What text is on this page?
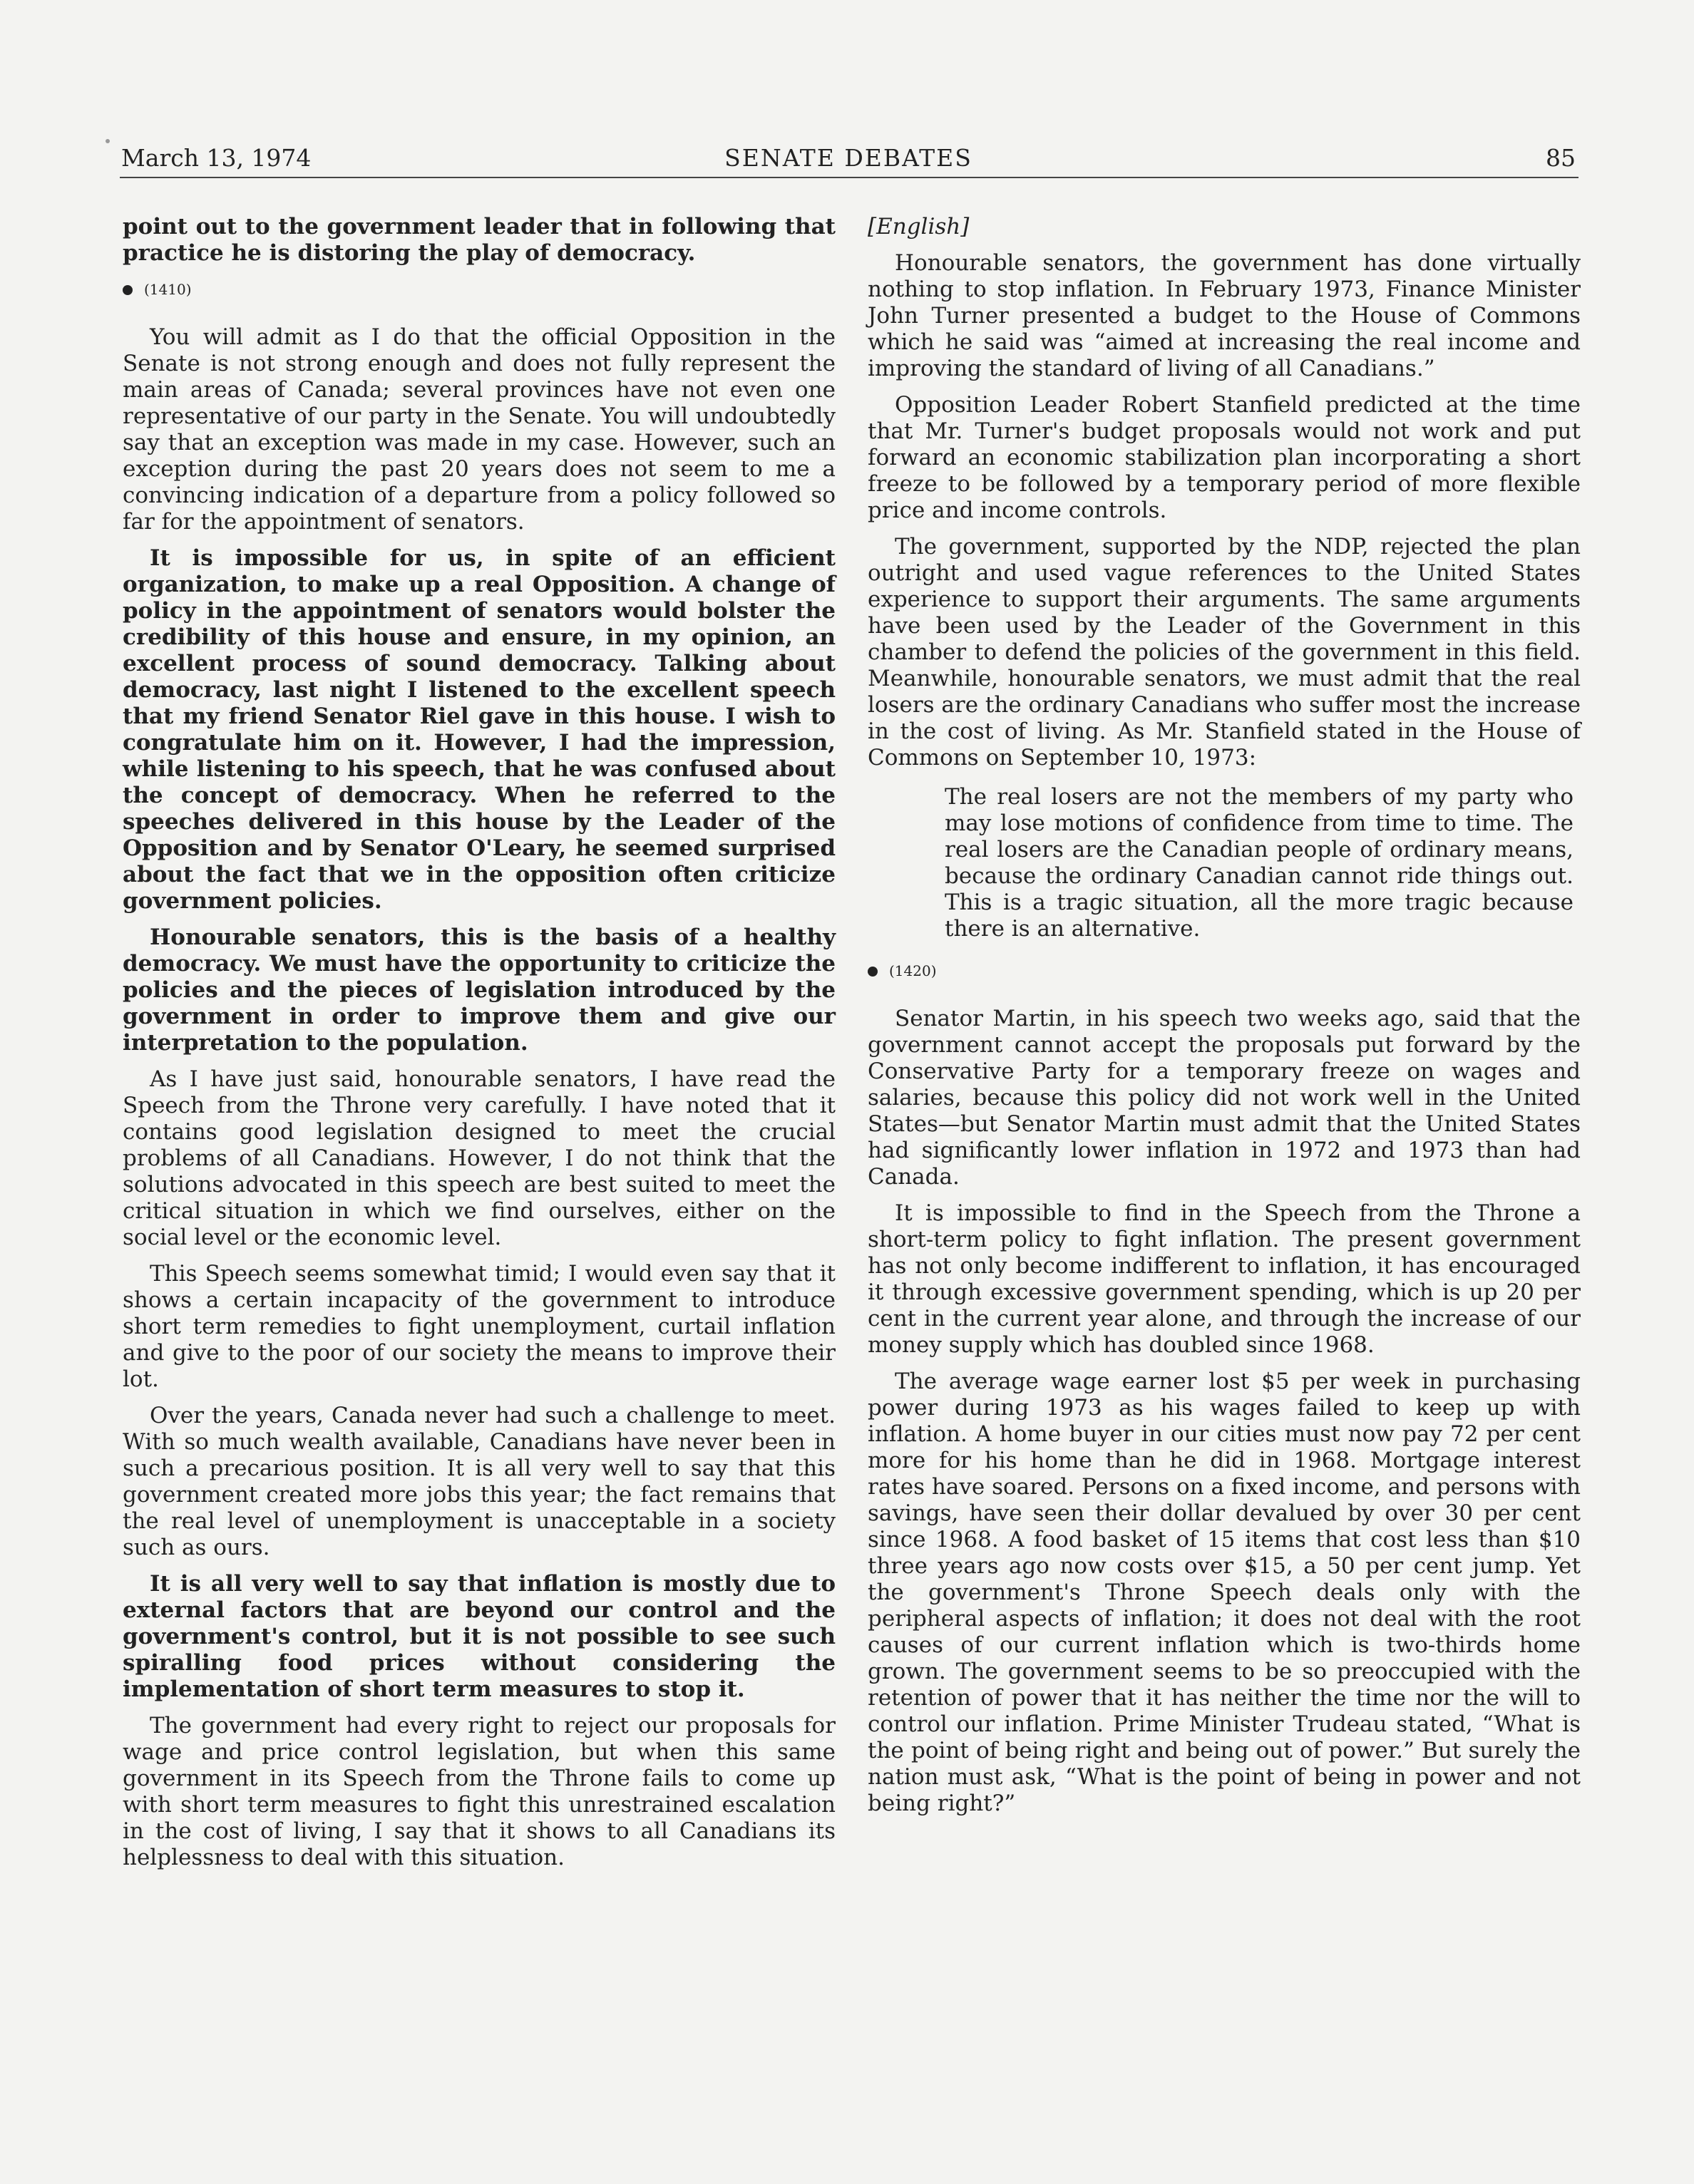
March 13, 1974	SENATE DEBATES	85

point out to the government leader that in following that practice he is distoring the play of democracy.

(1410)

You will admit as I do that the official Opposition in the Senate is not strong enough and does not fully represent the main areas of Canada; several provinces have not even one representative of our party in the Senate. You will undoubtedly say that an exception was made in my case. However, such an exception during the past 20 years does not seem to me a convincing indication of a departure from a policy followed so far for the appointment of senators.

It is impossible for us, in spite of an efficient organization, to make up a real Opposition. A change of policy in the appointment of senators would bolster the credibility of this house and ensure, in my opinion, an excellent process of sound democracy. Talking about democracy, last night I listened to the excellent speech that my friend Senator Riel gave in this house. I wish to congratulate him on it. However, I had the impression, while listening to his speech, that he was confused about the concept of democracy. When he referred to the speeches delivered in this house by the Leader of the Opposition and by Senator O'Leary, he seemed surprised about the fact that we in the opposition often criticize government policies.

Honourable senators, this is the basis of a healthy democracy. We must have the opportunity to criticize the policies and the pieces of legislation introduced by the government in order to improve them and give our interpretation to the population.

As I have just said, honourable senators, I have read the Speech from the Throne very carefully. I have noted that it contains good legislation designed to meet the crucial problems of all Canadians. However, I do not think that the solutions advocated in this speech are best suited to meet the critical situation in which we find ourselves, either on the social level or the economic level.

This Speech seems somewhat timid; I would even say that it shows a certain incapacity of the government to introduce short term remedies to fight unemployment, curtail inflation and give to the poor of our society the means to improve their lot.

Over the years, Canada never had such a challenge to meet. With so much wealth available, Canadians have never been in such a precarious position. It is all very well to say that this government created more jobs this year; the fact remains that the real level of unemployment is unacceptable in a society such as ours.

It is all very well to say that inflation is mostly due to external factors that are beyond our control and the government's control, but it is not possible to see such spiralling food prices without considering the implementation of short term measures to stop it.

The government had every right to reject our proposals for wage and price control legislation, but when this same government in its Speech from the Throne fails to come up with short term measures to fight this unrestrained escalation in the cost of living, I say that it shows to all Canadians its helplessness to deal with this situation.

[English]

Honourable senators, the government has done virtually nothing to stop inflation. In February 1973, Finance Minister John Turner presented a budget to the House of Commons which he said was “aimed at increasing the real income and improving the standard of living of all Canadians.”

Opposition Leader Robert Stanfield predicted at the time that Mr. Turner's budget proposals would not work and put forward an economic stabilization plan incorporating a short freeze to be followed by a temporary period of more flexible price and income controls.

The government, supported by the NDP, rejected the plan outright and used vague references to the United States experience to support their arguments. The same arguments have been used by the Leader of the Government in this chamber to defend the policies of the government in this field. Meanwhile, honourable senators, we must admit that the real losers are the ordinary Canadians who suffer most the increase in the cost of living. As Mr. Stanfield stated in the House of Commons on September 10, 1973:

The real losers are not the members of my party who may lose motions of confidence from time to time. The real losers are the Canadian people of ordinary means, because the ordinary Canadian cannot ride things out. This is a tragic situation, all the more tragic because there is an alternative.

(1420)

Senator Martin, in his speech two weeks ago, said that the government cannot accept the proposals put forward by the Conservative Party for a temporary freeze on wages and salaries, because this policy did not work well in the United States—but Senator Martin must admit that the United States had significantly lower inflation in 1972 and 1973 than had Canada.

It is impossible to find in the Speech from the Throne a short-term policy to fight inflation. The present government has not only become indifferent to inflation, it has encouraged it through excessive government spending, which is up 20 per cent in the current year alone, and through the increase of our money supply which has doubled since 1968.

The average wage earner lost $5 per week in purchasing power during 1973 as his wages failed to keep up with inflation. A home buyer in our cities must now pay 72 per cent more for his home than he did in 1968. Mortgage interest rates have soared. Persons on a fixed income, and persons with savings, have seen their dollar devalued by over 30 per cent since 1968. A food basket of 15 items that cost less than $10 three years ago now costs over $15, a 50 per cent jump. Yet the government's Throne Speech deals only with the peripheral aspects of inflation; it does not deal with the root causes of our current inflation which is two-thirds home grown. The government seems to be so preoccupied with the retention of power that it has neither the time nor the will to control our inflation. Prime Minister Trudeau stated, “What is the point of being right and being out of power.” But surely the nation must ask, “What is the point of being in power and not being right?”
